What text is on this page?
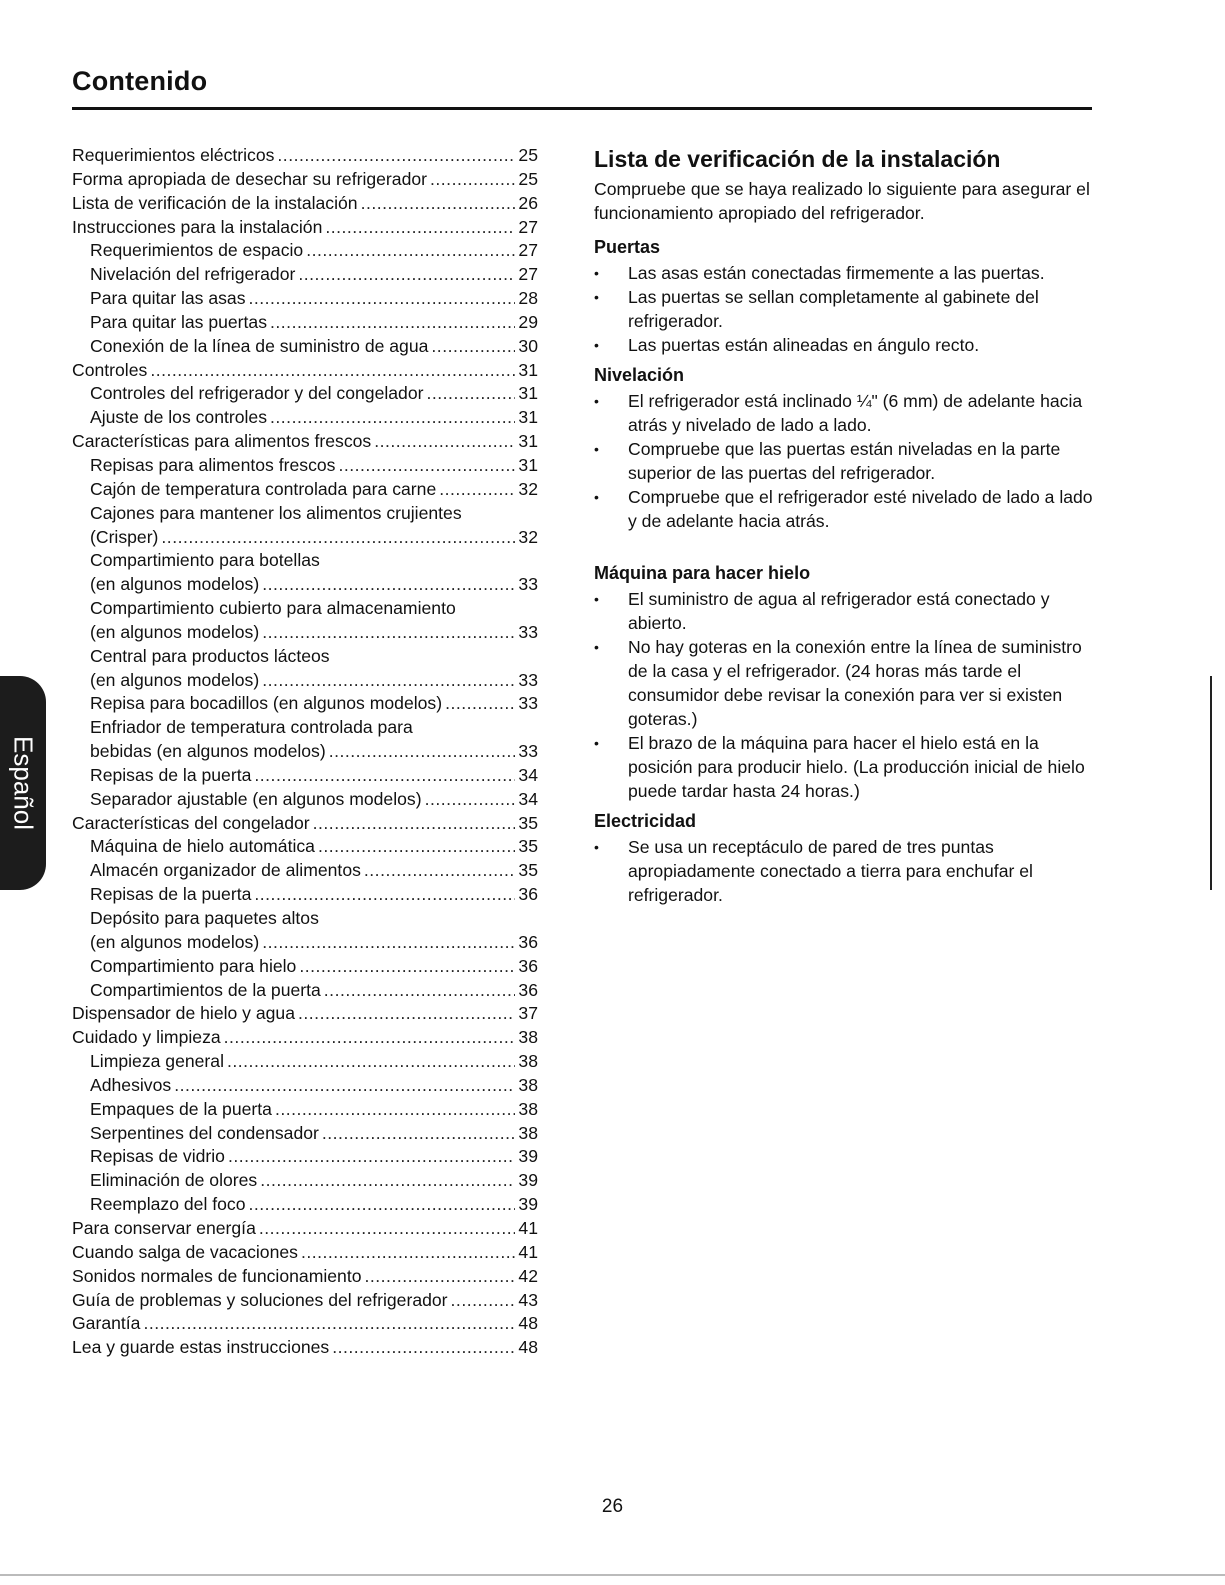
Contenido
Requerimientos eléctricos .....	25
Forma apropiada de desechar su refrigerador .....	25
Lista de verificación de la instalación .....	26
Instrucciones para la instalación .....	27
Requerimientos de espacio .....	27
Nivelación del refrigerador .....	27
Para quitar las asas .....	28
Para quitar las puertas .....	29
Conexión de la línea de suministro de agua .....	30
Controles .....	31
Controles del refrigerador y del congelador .....	31
Ajuste de los controles .....	31
Características para alimentos frescos .....	31
Repisas para alimentos frescos .....	31
Cajón de temperatura controlada para carne .....	32
Cajones para mantener los alimentos crujientes
(Crisper) .....	32
Compartimiento para botellas
(en algunos modelos) .....	33
Compartimiento cubierto para almacenamiento
(en algunos modelos) .....	33
Central para productos lácteos
(en algunos modelos) .....	33
Repisa para bocadillos (en algunos modelos) .....	33
Enfriador de temperatura controlada para
bebidas (en algunos modelos) .....	33
Repisas de la puerta .....	34
Separador ajustable (en algunos modelos) .....	34
Características del congelador .....	35
Máquina de hielo automática .....	35
Almacén organizador de alimentos .....	35
Repisas de la puerta .....	36
Depósito para paquetes altos
(en algunos modelos) .....	36
Compartimiento para hielo .....	36
Compartimientos de la puerta .....	36
Dispensador de hielo y agua .....	37
Cuidado y limpieza .....	38
Limpieza general .....	38
Adhesivos .....	38
Empaques de la puerta .....	38
Serpentines del condensador .....	38
Repisas de vidrio .....	39
Eliminación de olores .....	39
Reemplazo del foco .....	39
Para conservar energía .....	41
Cuando salga de vacaciones .....	41
Sonidos normales de funcionamiento .....	42
Guía de problemas y soluciones del refrigerador .....	43
Garantía .....	48
Lea y guarde estas instrucciones .....	48
Lista de verificación de la instalación
Compruebe que se haya realizado lo siguiente para asegurar el funcionamiento apropiado del refrigerador.
Puertas
•	Las asas están conectadas firmemente a las puertas.
•	Las puertas se sellan completamente al gabinete del refrigerador.
•	Las puertas están alineadas en ángulo recto.
Nivelación
•	El refrigerador está inclinado ¼" (6 mm) de adelante hacia atrás y nivelado de lado a lado.
•	Compruebe que las puertas están niveladas en la parte superior de las puertas del refrigerador.
•	Compruebe que el refrigerador esté nivelado de lado a lado y de adelante hacia atrás.
Máquina para hacer hielo
•	El suministro de agua al refrigerador está conectado y abierto.
•	No hay goteras en la conexión entre la línea de suministro de la casa y el refrigerador. (24 horas más tarde el consumidor debe revisar la conexión para ver si existen goteras.)
•	El brazo de la máquina para hacer el hielo está en la posición para producir hielo. (La producción inicial de hielo puede tardar hasta 24 horas.)
Electricidad
•	Se usa un receptáculo de pared de tres puntas apropiadamente conectado a tierra para enchufar el refrigerador.
Español
26
